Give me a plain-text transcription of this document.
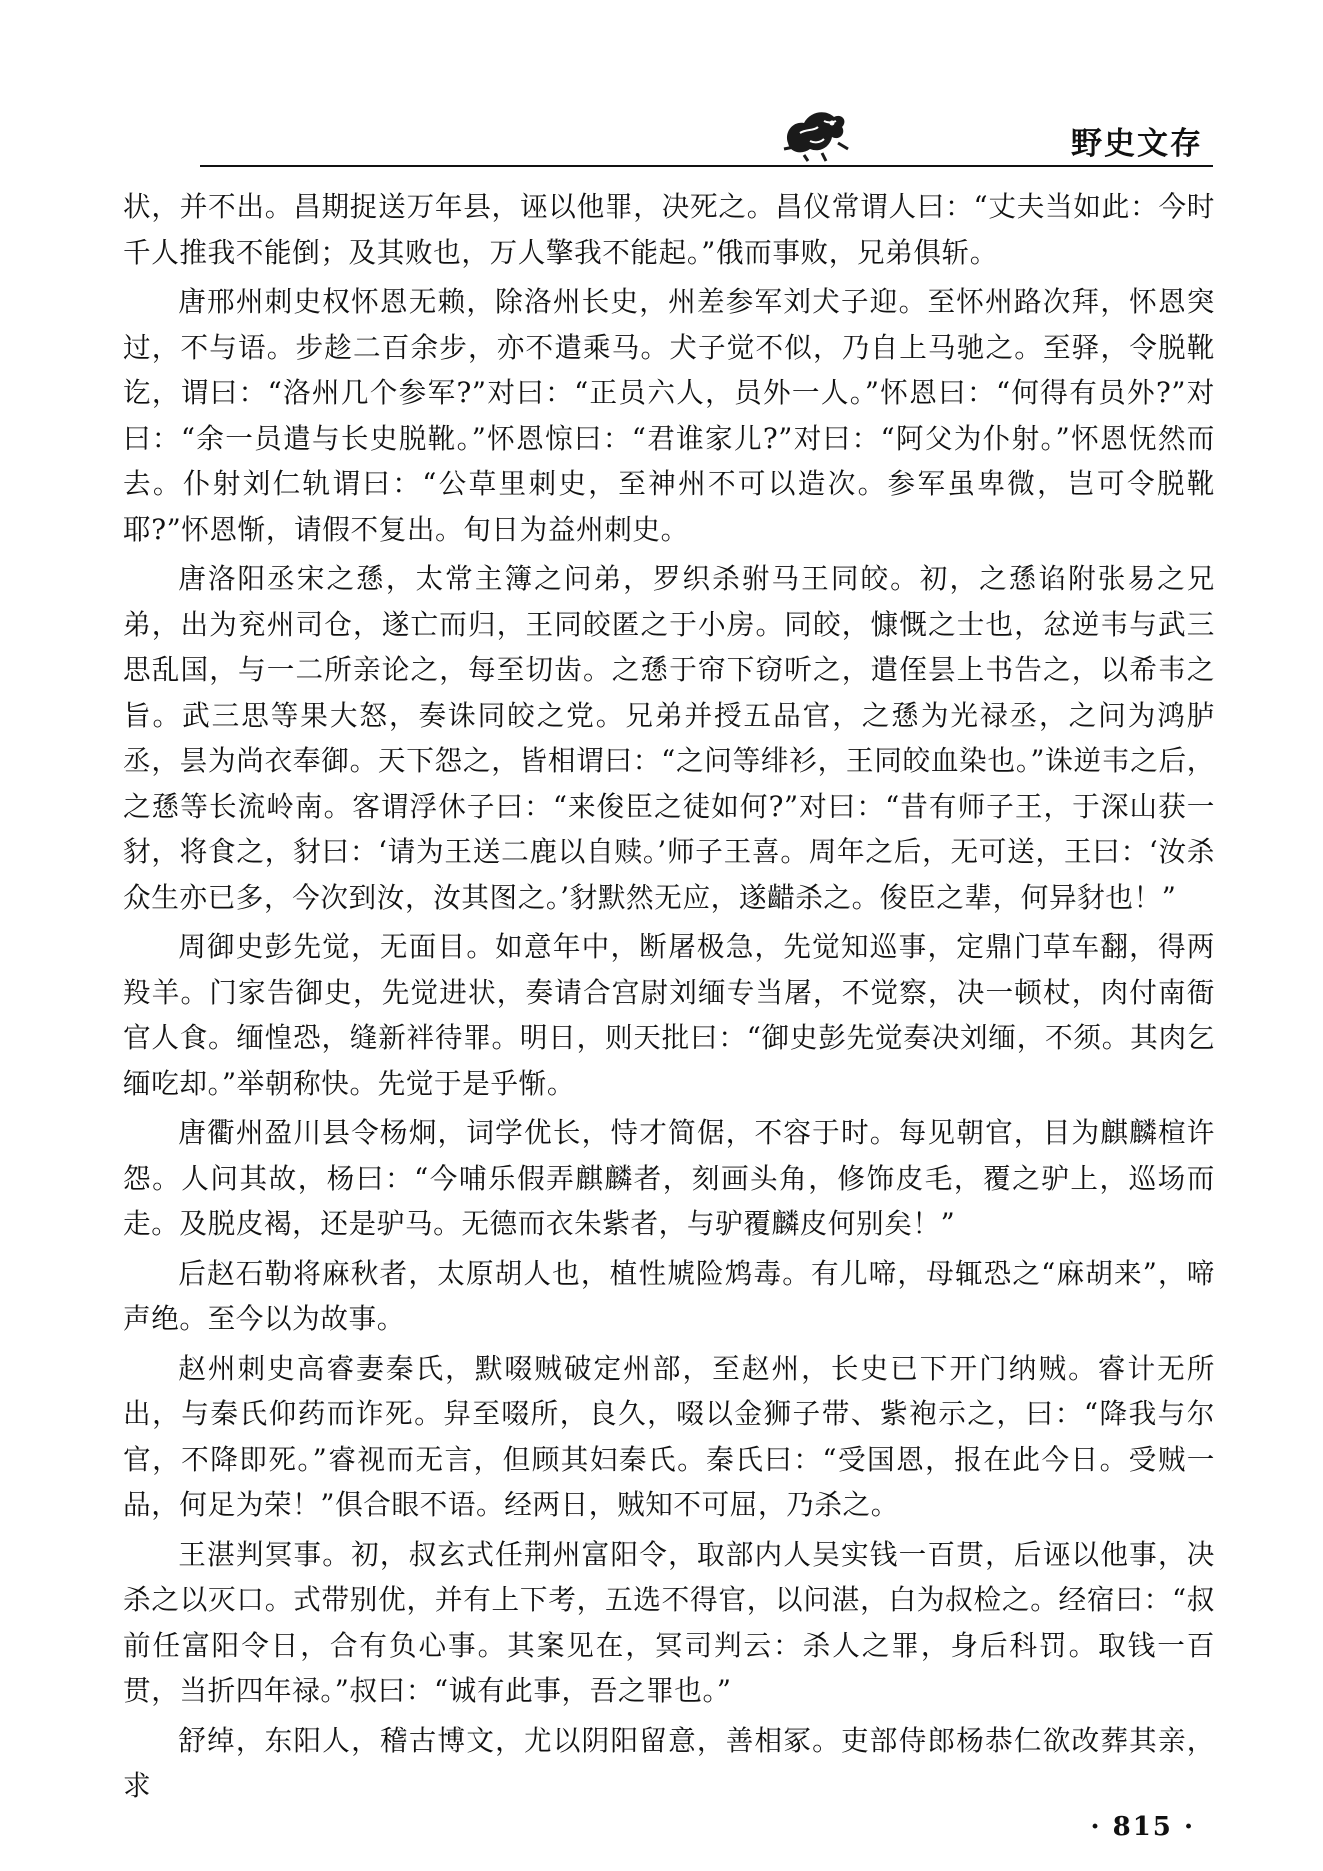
野史文存

状，并不出。昌期捉送万年县，诬以他罪，决死之。昌仪常谓人曰：“丈夫当如此：今时千人推我不能倒；及其败也，万人擎我不能起。”俄而事败，兄弟俱斩。

唐邢州刺史权怀恩无赖，除洛州长史，州差参军刘犬子迎。至怀州路次拜，怀恩突过，不与语。步趁二百余步，亦不遣乘马。犬子觉不似，乃自上马驰之。至驿，令脱靴讫，谓曰：“洛州几个参军?”对曰：“正员六人，员外一人。”怀恩曰：“何得有员外?”对曰：“余一员遣与长史脱靴。”怀恩惊曰：“君谁家儿?”对曰：“阿父为仆射。”怀恩怃然而去。仆射刘仁轨谓曰：“公草里刺史，至神州不可以造次。参军虽卑微，岂可令脱靴耶?”怀恩惭，请假不复出。旬日为益州刺史。

唐洛阳丞宋之愻，太常主簿之问弟，罗织杀驸马王同皎。初，之愻谄附张易之兄弟，出为兖州司仓，遂亡而归，王同皎匿之于小房。同皎，慷慨之士也，忿逆韦与武三思乱国，与一二所亲论之，每至切齿。之愻于帘下窃听之，遣侄昙上书告之，以希韦之旨。武三思等果大怒，奏诛同皎之党。兄弟并授五品官，之愻为光禄丞，之问为鸿胪丞，昙为尚衣奉御。天下怨之，皆相谓曰：“之问等绯衫，王同皎血染也。”诛逆韦之后，之愻等长流岭南。客谓浮休子曰：“来俊臣之徒如何?”对曰：“昔有师子王，于深山获一豺，将食之，豺曰：‘请为王送二鹿以自赎。’师子王喜。周年之后，无可送，王曰：‘汝杀众生亦已多，今次到汝，汝其图之。’豺默然无应，遂齰杀之。俊臣之辈，何异豺也！”

周御史彭先觉，无面目。如意年中，断屠极急，先觉知巡事，定鼎门草车翻，得两羖羊。门家告御史，先觉进状，奏请合宫尉刘缅专当屠，不觉察，决一顿杖，肉付南衙官人食。缅惶恐，缝新袢待罪。明日，则天批曰：“御史彭先觉奏决刘缅，不须。其肉乞缅吃却。”举朝称快。先觉于是乎惭。

唐衢州盈川县令杨炯，词学优长，恃才简倨，不容于时。每见朝官，目为麒麟楦许怨。人问其故，杨曰：“今哺乐假弄麒麟者，刻画头角，修饰皮毛，覆之驴上，巡场而走。及脱皮褐，还是驴马。无德而衣朱紫者，与驴覆麟皮何别矣！”

后赵石勒将麻秋者，太原胡人也，植性虓险鸩毒。有儿啼，母辄恐之“麻胡来”，啼声绝。至今以为故事。

赵州刺史高睿妻秦氏，默啜贼破定州部，至赵州，长史已下开门纳贼。睿计无所出，与秦氏仰药而诈死。舁至啜所，良久，啜以金狮子带、紫袍示之，曰：“降我与尔官，不降即死。”睿视而无言，但顾其妇秦氏。秦氏曰：“受国恩，报在此今日。受贼一品，何足为荣！”俱合眼不语。经两日，贼知不可屈，乃杀之。

王湛判冥事。初，叔玄式任荆州富阳令，取部内人吴实钱一百贯，后诬以他事，决杀之以灭口。式带别优，并有上下考，五选不得官，以问湛，白为叔检之。经宿曰：“叔前任富阳令日，合有负心事。其案见在，冥司判云：杀人之罪，身后科罚。取钱一百贯，当折四年禄。”叔曰：“诚有此事，吾之罪也。”

舒绰，东阳人，稽古博文，尤以阴阳留意，善相冢。吏部侍郎杨恭仁欲改葬其亲，求

· 815 ·
